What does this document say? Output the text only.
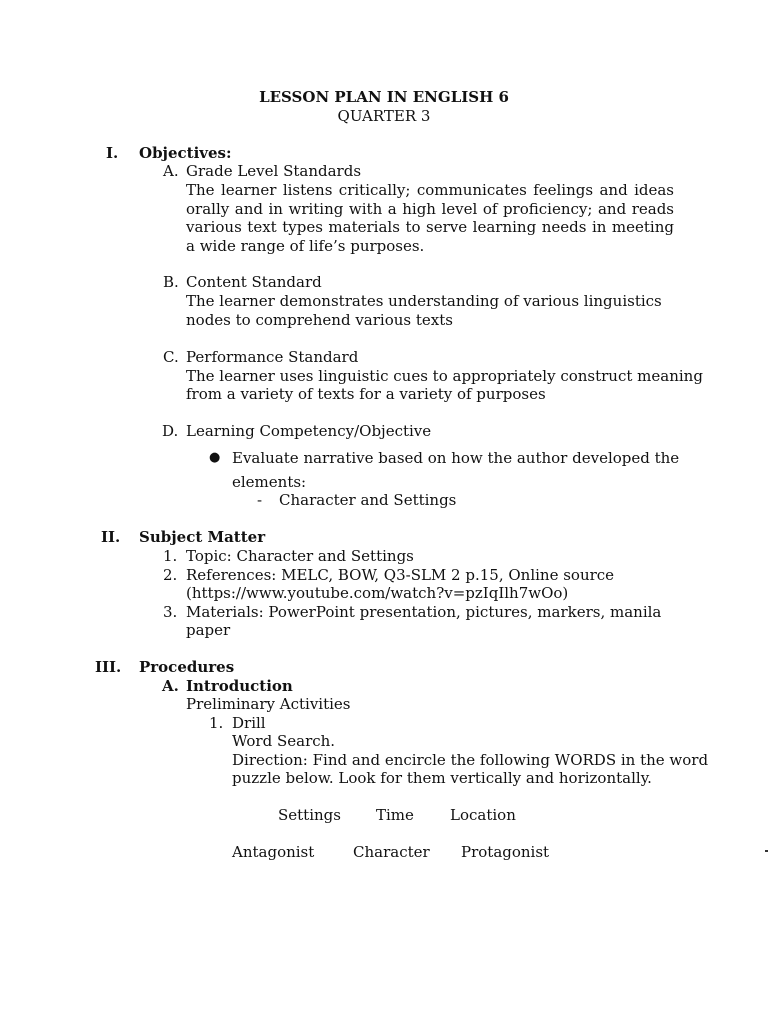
LESSON PLAN IN ENGLISH 6
QUARTER 3
I. Objectives:
A. Grade Level Standards
The learner listens critically; communicates feelings and ideas orally and in writing with a high level of proficiency; and reads various text types materials to serve learning needs in meeting a wide range of life’s purposes.
B. Content Standard
The learner demonstrates understanding of various linguistics
nodes to comprehend various texts
C. Performance Standard
The learner uses linguistic cues to appropriately construct meaning
from a variety of texts for a variety of purposes
D. Learning Competency/Objective
● Evaluate narrative based on how the author developed the
elements:
- Character and Settings
II. Subject Matter
1. Topic: Character and Settings
2. References: MELC, BOW, Q3-SLM 2 p.15, Online source
(https://www.youtube.com/watch?v=pzIqIlh7wOo)
3. Materials: PowerPoint presentation, pictures, markers, manila
paper
III. Procedures
A. Introduction
Preliminary Activities
1. Drill
Word Search.
Direction: Find and encircle the following WORDS in the word
puzzle below. Look for them vertically and horizontally.
Settings Time Location
Antagonist	Character Protagonist
